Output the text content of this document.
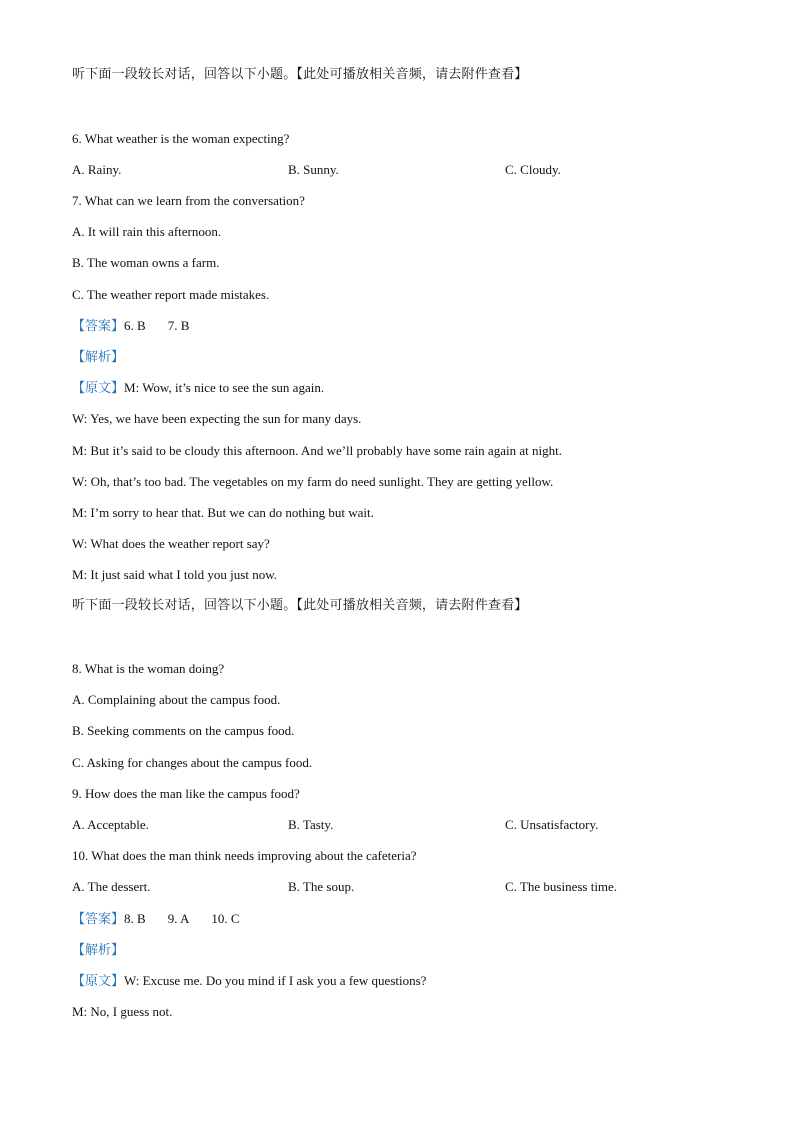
听下面一段较长对话，回答以下小题。【此处可播放相关音频，请去附件查看】
6. What weather is the woman expecting?
A. Rainy.	B. Sunny.	C. Cloudy.
7. What can we learn from the conversation?
A. It will rain this afternoon.
B. The woman owns a farm.
C. The weather report made mistakes.
【答案】6. B 7. B
【解析】
【原文】M: Wow, it’s nice to see the sun again.
W: Yes, we have been expecting the sun for many days.
M: But it’s said to be cloudy this afternoon. And we’ll probably have some rain again at night.
W: Oh, that’s too bad. The vegetables on my farm do need sunlight. They are getting yellow.
M: I’m sorry to hear that. But we can do nothing but wait.
W: What does the weather report say?
M: It just said what I told you just now.
听下面一段较长对话，回答以下小题。【此处可播放相关音频，请去附件查看】
8. What is the woman doing?
A. Complaining about the campus food.
B. Seeking comments on the campus food.
C. Asking for changes about the campus food.
9. How does the man like the campus food?
A. Acceptable.	B. Tasty.	C. Unsatisfactory.
10. What does the man think needs improving about the cafeteria?
A. The dessert.	B. The soup.	C. The business time.
【答案】8. B 9. A 10. C
【解析】
【原文】W: Excuse me. Do you mind if I ask you a few questions?
M: No, I guess not.
